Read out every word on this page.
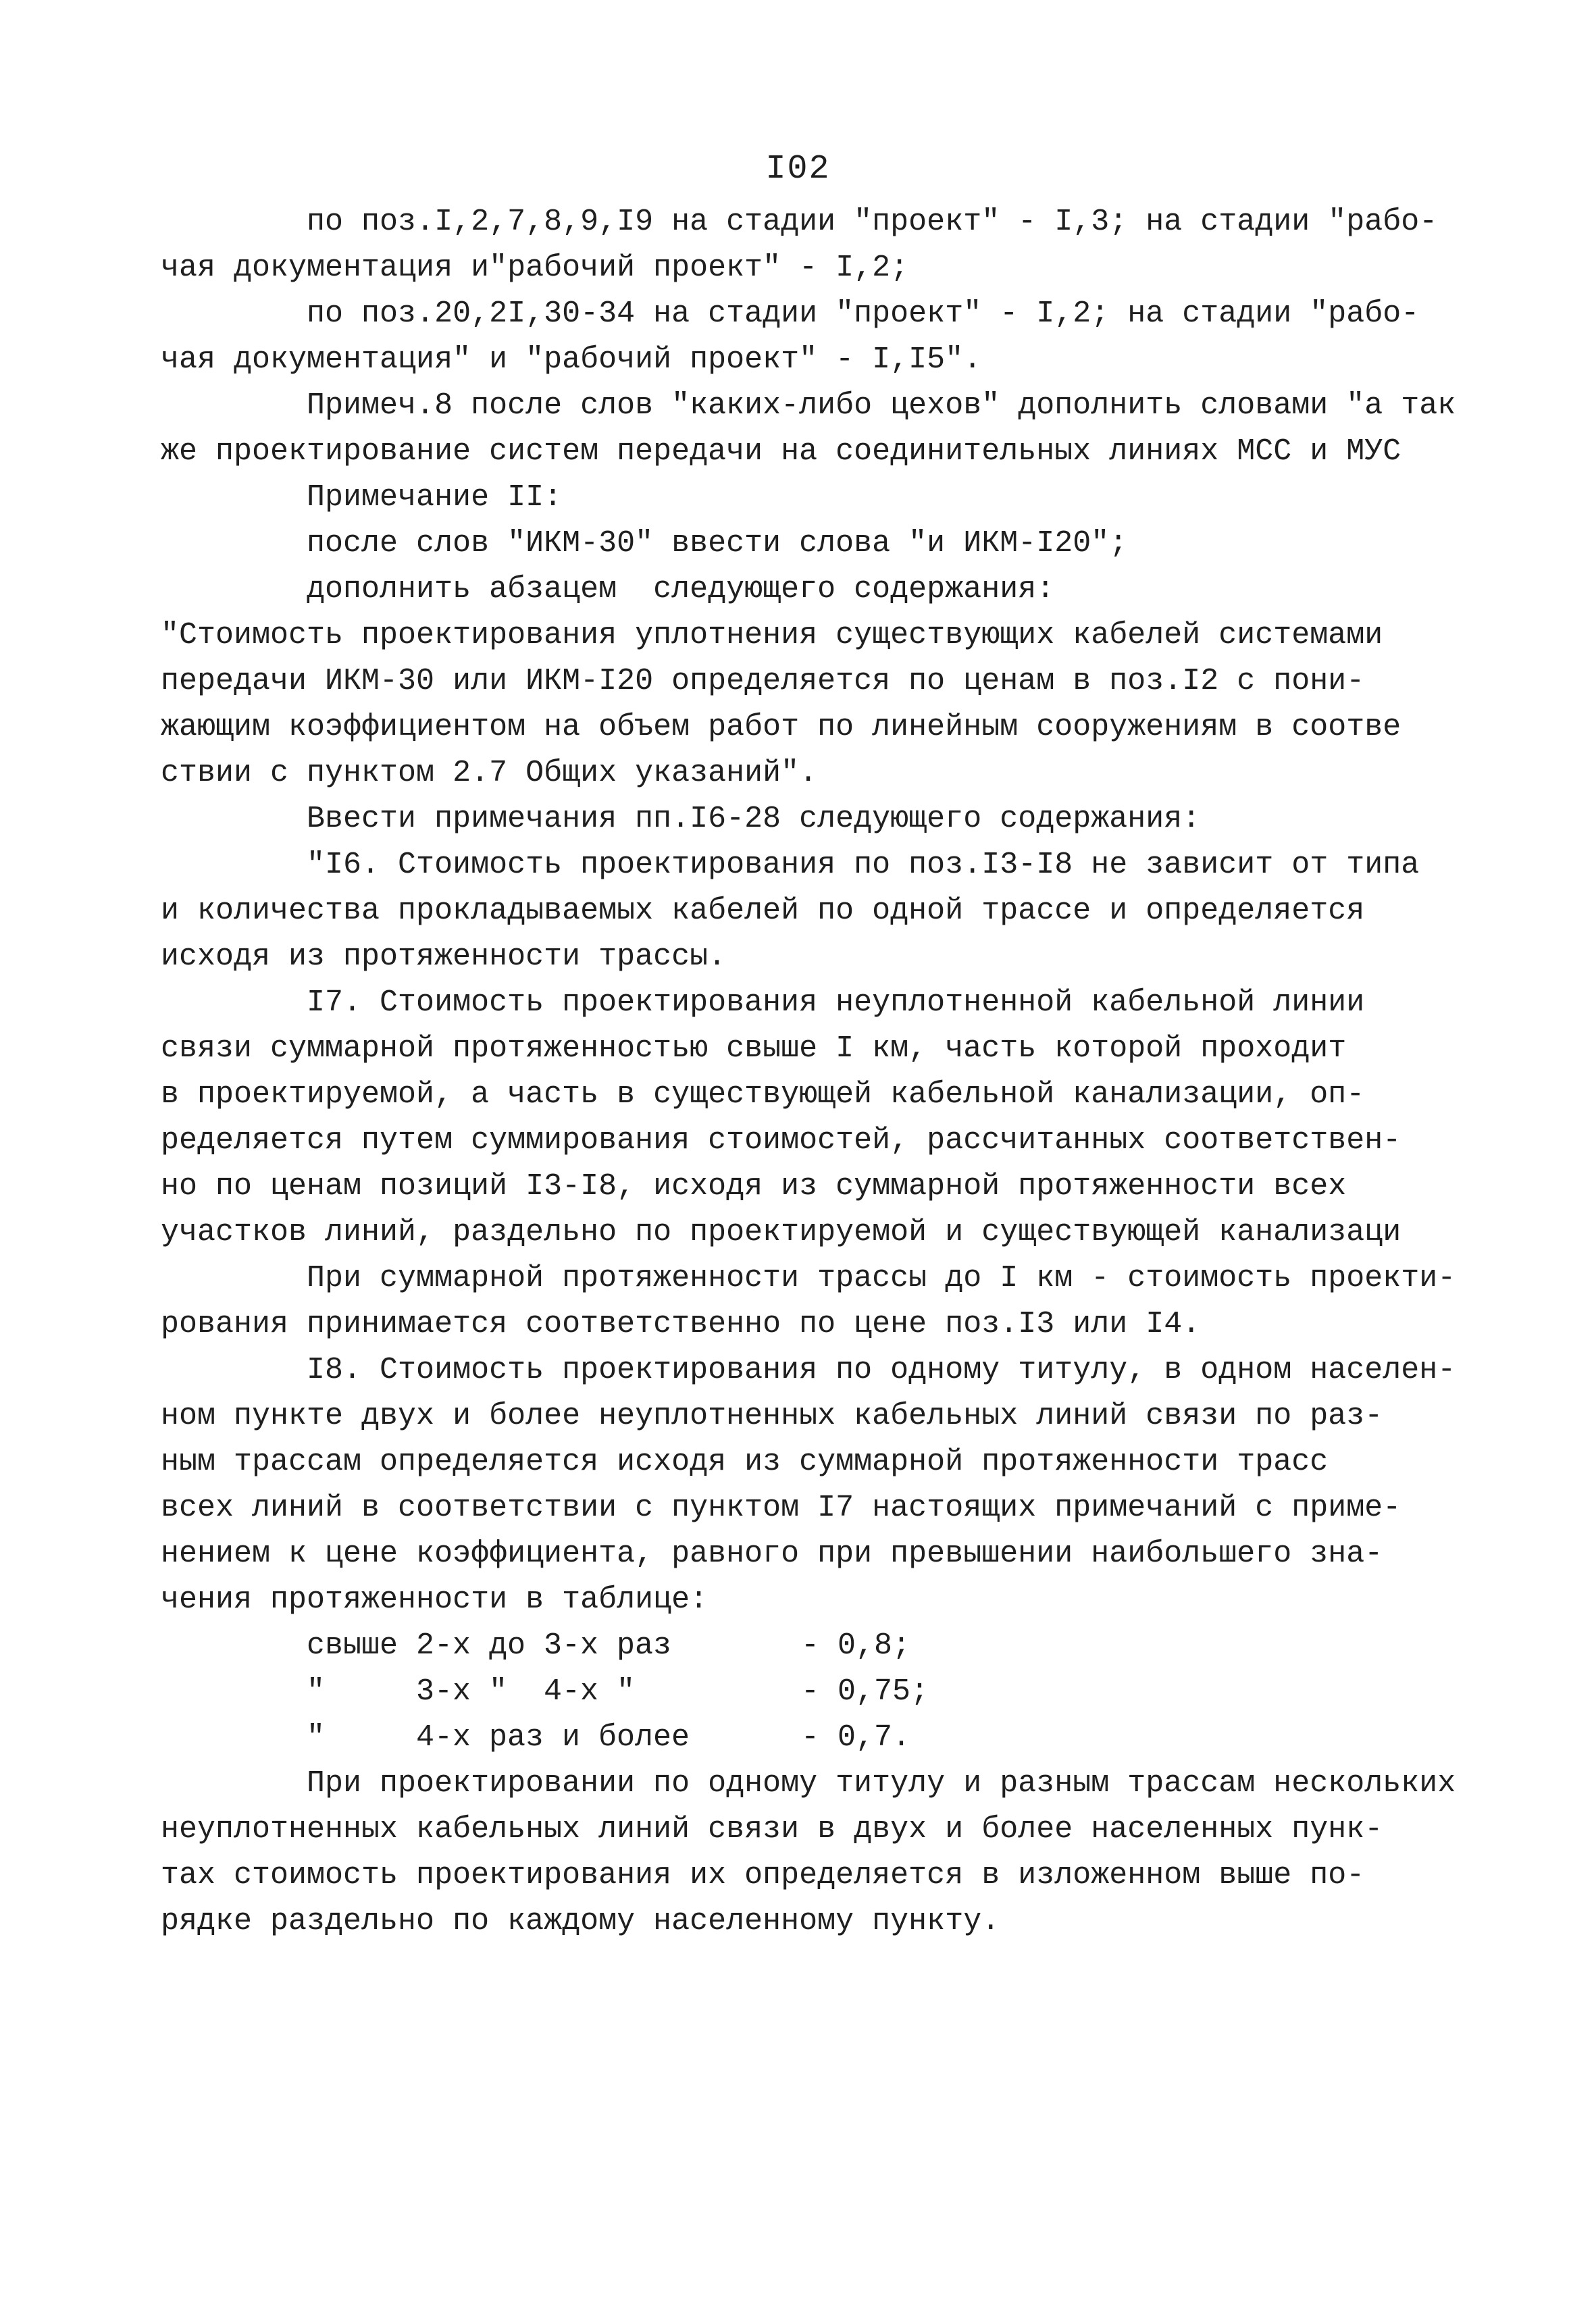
I02
по поз.I,2,7,8,9,I9 на стадии "проект" - I,3; на стадии "рабо-
чая документация и"рабочий проект" - I,2;
по поз.20,2I,30-34 на стадии "проект" - I,2; на стадии "рабо-
чая документация" и "рабочий проект" - I,I5".
Примеч.8 после слов "каких-либо цехов" дополнить словами "а так
же проектирование систем передачи на соединительных линиях МСС и МУС
Примечание II:
после слов "ИКМ-30" ввести слова "и ИКМ-I20";
дополнить абзацем  следующего содержания:
"Стоимость проектирования уплотнения существующих кабелей системами
передачи ИКМ-30 или ИКМ-I20 определяется по ценам в поз.I2 с пони-
жающим коэффициентом на объем работ по линейным сооружениям в соотве
ствии с пунктом 2.7 Общих указаний".
Ввести примечания пп.I6-28 следующего содержания:
"I6. Стоимость проектирования по поз.I3-I8 не зависит от типа
и количества прокладываемых кабелей по одной трассе и определяется
исходя из протяженности трассы.
I7. Стоимость проектирования неуплотненной кабельной линии
связи суммарной протяженностью свыше I км, часть которой проходит
в проектируемой, а часть в существующей кабельной канализации, оп-
ределяется путем суммирования стоимостей, рассчитанных соответствен-
но по ценам позиций I3-I8, исходя из суммарной протяженности всех
участков линий, раздельно по проектируемой и существующей канализаци
При суммарной протяженности трассы до I км - стоимость проекти-
рования принимается соответственно по цене поз.I3 или I4.
I8. Стоимость проектирования по одному титулу, в одном населен-
ном пункте двух и более неуплотненных кабельных линий связи по раз-
ным трассам определяется исходя из суммарной протяженности трасс
всех линий в соответствии с пунктом I7 настоящих примечаний с приме-
нением к цене коэффициента, равного при превышении наибольшего зна-
чения протяженности в таблице:
свыше 2-х до 3-х раз	- 0,8;
"	3-х "  4-х "	- 0,75;
"	4-х раз и более	- 0,7.
При проектировании по одному титулу и разным трассам нескольких
неуплотненных кабельных линий связи в двух и более населенных пунк-
тах стоимость проектирования их определяется в изложенном выше по-
рядке раздельно по каждому населенному пункту.
